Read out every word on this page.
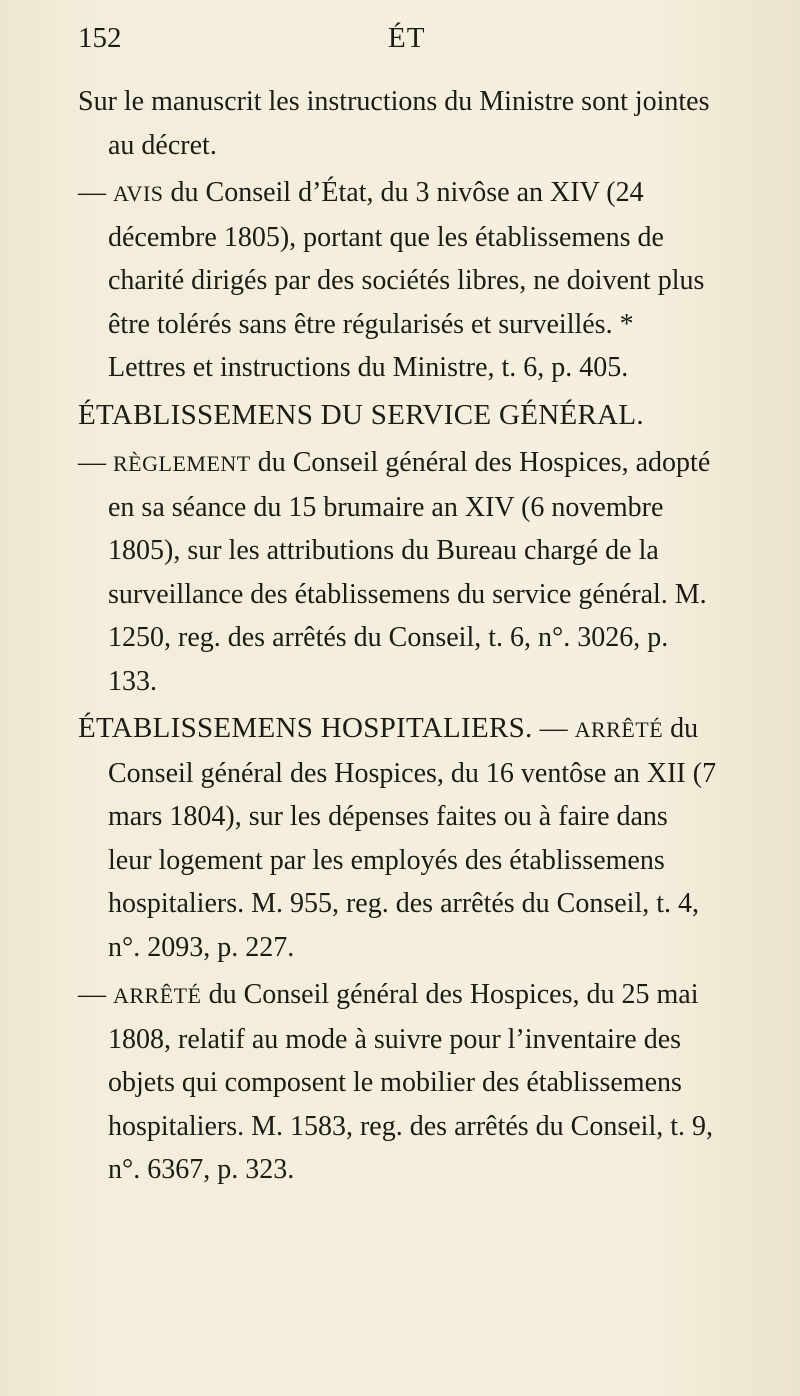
152	ÉT

Sur le manuscrit les instructions du Ministre sont jointes au décret.

— AVIS du Conseil d’État, du 3 nivôse an XIV (24 décembre 1805), portant que les établissemens de charité dirigés par des sociétés libres, ne doivent plus être tolérés sans être régularisés et surveillés. * Lettres et instructions du Ministre, t. 6, p. 405.

ÉTABLISSEMENS DU SERVICE GÉNÉRAL.

— RÈGLEMENT du Conseil général des Hospices, adopté en sa séance du 15 brumaire an XIV (6 novembre 1805), sur les attributions du Bureau chargé de la surveillance des établissemens du service général. M. 1250, reg. des arrêtés du Conseil, t. 6, n°. 3026, p. 133.

ÉTABLISSEMENS HOSPITALIERS. — ARRÊTÉ du Conseil général des Hospices, du 16 ventôse an XII (7 mars 1804), sur les dépenses faites ou à faire dans leur logement par les employés des établissemens hospitaliers. M. 955, reg. des arrêtés du Conseil, t. 4, n°. 2093, p. 227.

— ARRÊTÉ du Conseil général des Hospices, du 25 mai 1808, relatif au mode à suivre pour l’inventaire des objets qui composent le mobilier des établissemens hospitaliers. M. 1583, reg. des arrêtés du Conseil, t. 9, n°. 6367, p. 323.
